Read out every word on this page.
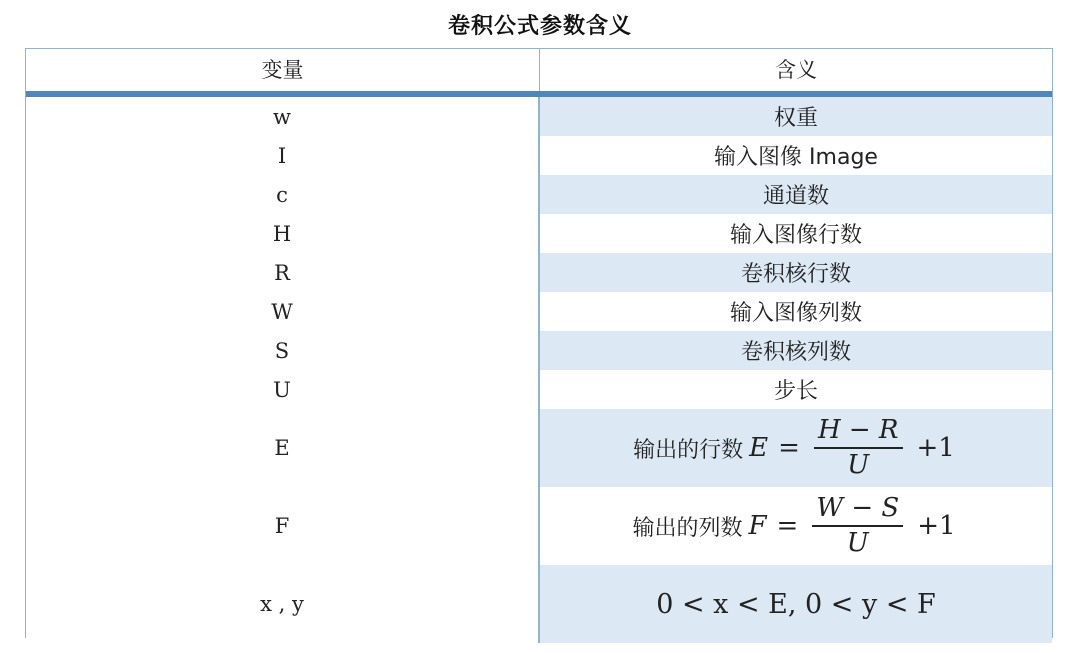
卷积公式参数含义
变量	含义
w	权重
I	输入图像 Image
c	通道数
H	输入图像行数
R	卷积核行数
W	输入图像列数
S	卷积核列数
U	步长
E	输出的行数 $E = \frac{H - R}{U} +1$
F	输出的列数 $F = \frac{W - S}{U} +1$
x , y	0 < x < E, 0 < y < F
